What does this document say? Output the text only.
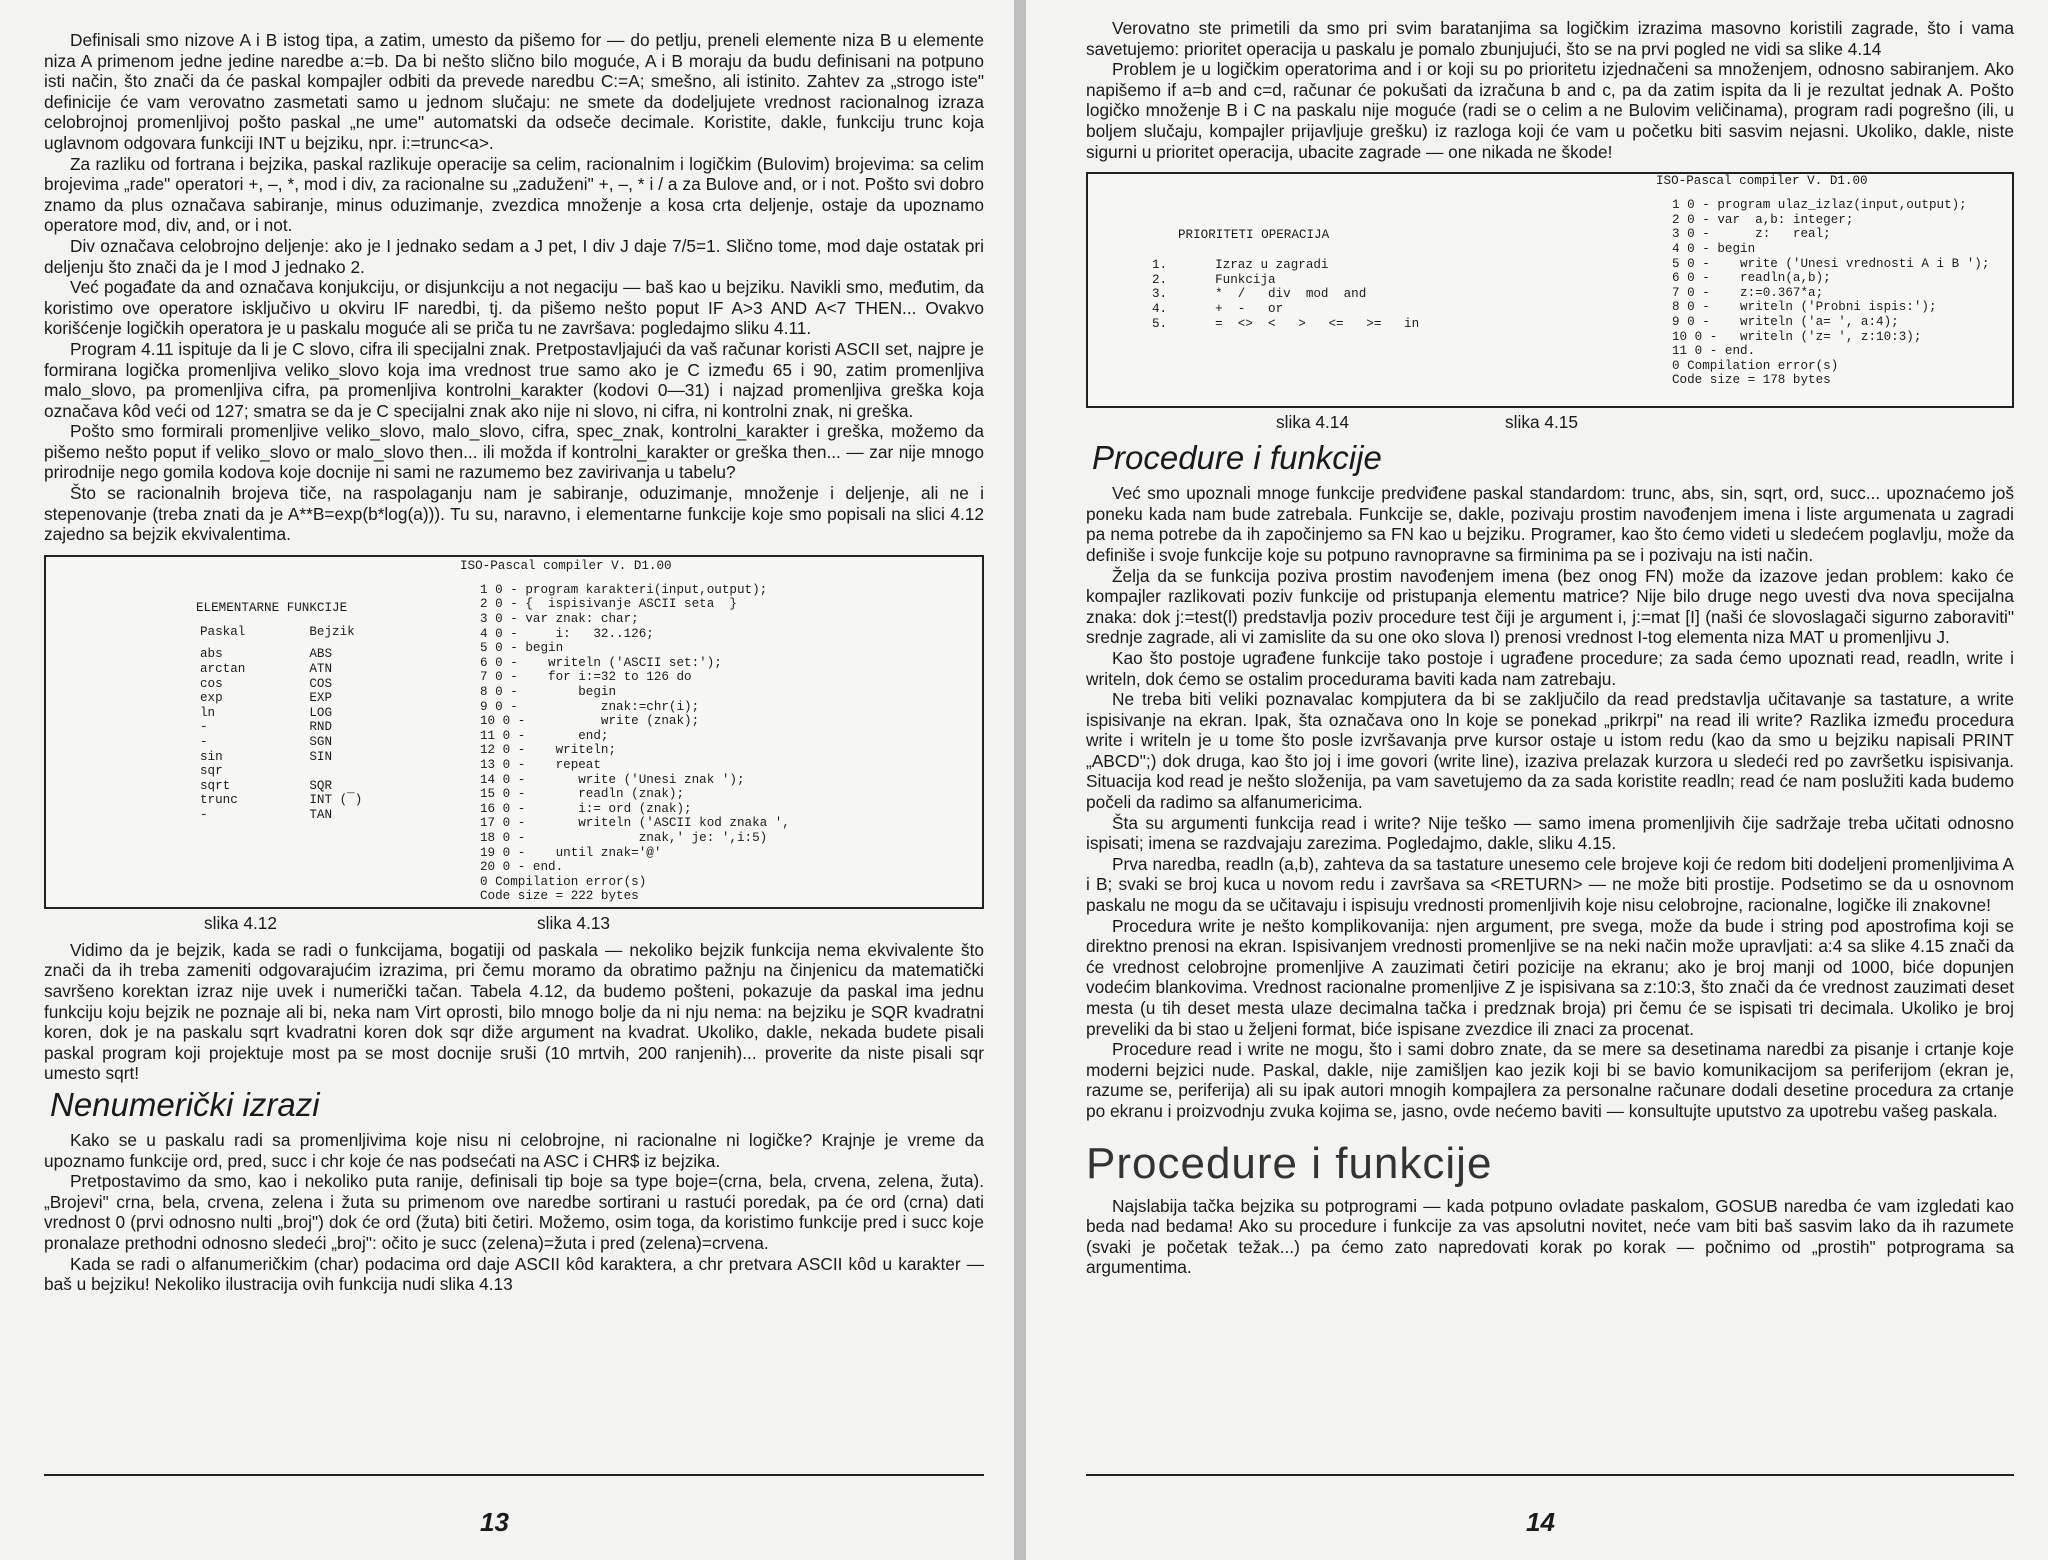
Definisali smo nizove A i B istog tipa, a zatim, umesto da pišemo for — do petlju, preneli elemente niza B u elemente niza A primenom jedne jedine naredbe a:=b. Da bi nešto slično bilo moguće, A i B moraju da budu definisani na potpuno isti način, što znači da će paskal kompajler odbiti da prevede naredbu C:=A; smešno, ali istinito. Zahtev za „strogo iste" definicije će vam verovatno zasmetati samo u jednom slučaju: ne smete da dodeljujete vrednost racionalnog izraza celobrojnoj promenljivoj pošto paskal „ne ume" automatski da odseče decimale. Koristite, dakle, funkciju trunc koja uglavnom odgovara funkciji INT u bejziku, npr. i:=trunc<a>.

Za razliku od fortrana i bejzika, paskal razlikuje operacije sa celim, racionalnim i logičkim (Bulovim) brojevima: sa celim brojevima „rade" operatori +, –, *, mod i div, za racionalne su „zaduženi" +, –, * i / a za Bulove and, or i not. Pošto svi dobro znamo da plus označava sabiranje, minus oduzimanje, zvezdica množenje a kosa crta deljenje, ostaje da upoznamo operatore mod, div, and, or i not.

Div označava celobrojno deljenje: ako je I jednako sedam a J pet, I div J daje 7/5=1. Slično tome, mod daje ostatak pri deljenju što znači da je I mod J jednako 2.

Već pogađate da and označava konjukciju, or disjunkciju a not negaciju — baš kao u bejziku. Navikli smo, međutim, da koristimo ove operatore isključivo u okviru IF naredbi, tj. da pišemo nešto poput IF A>3 AND A<7 THEN... Ovakvo korišćenje logičkih operatora je u paskalu moguće ali se priča tu ne završava: pogledajmo sliku 4.11.

Program 4.11 ispituje da li je C slovo, cifra ili specijalni znak. Pretpostavljajući da vaš računar koristi ASCII set, najpre je formirana logička promenljiva veliko_slovo koja ima vrednost true samo ako je C između 65 i 90, zatim promenljiva malo_slovo, pa promenljiva cifra, pa promenljiva kontrolni_karakter (kodovi 0—31) i najzad promenljiva greška koja označava kôd veći od 127; smatra se da je C specijalni znak ako nije ni slovo, ni cifra, ni kontrolni znak, ni greška.

Pošto smo formirali promenljive veliko_slovo, malo_slovo, cifra, spec_znak, kontrolni_karakter i greška, možemo da pišemo nešto poput if veliko_slovo or malo_slovo then... ili možda if kontrolni_karakter or greška then... — zar nije mnogo prirodnije nego gomila kodova koje docnije ni sami ne razumemo bez zavirivanja u tabelu?

Što se racionalnih brojeva tiče, na raspolaganju nam je sabiranje, oduzimanje, množenje i deljenje, ali ne i stepenovanje (treba znati da je A**B=exp(b*log(a))). Tu su, naravno, i elementarne funkcije koje smo popisali na slici 4.12 zajedno sa bejzik ekvivalentima.

ELEMENTARNE FUNKCIJE
Paskal	Bejzik

abs	ABS
arctan	ATN
cos	COS
exp	EXP
ln	LOG
-	RND
-	SGN
sin	SIN
sqr	
sqrt	SQR
trunc	INT (¯)
-	TAN
ISO-Pascal compiler V. D1.00
1 0 - program karakteri(input,output);
2 0 - {  ispisivanje ASCII seta  }
3 0 - var znak: char;
4 0 -     i:   32..126;
5 0 - begin
6 0 -    writeln ('ASCII set:');
7 0 -    for i:=32 to 126 do
8 0 -        begin
9 0 -           znak:=chr(i);
10 0 -          write (znak);
11 0 -       end;
12 0 -    writeln;
13 0 -    repeat
14 0 -       write ('Unesi znak ');
15 0 -       readln (znak);
16 0 -       i:= ord (znak);
17 0 -       writeln ('ASCII kod znaka ',
18 0 -               znak,' je: ',i:5)
19 0 -    until znak='@'
20 0 - end.
0 Compilation error(s)
Code size = 222 bytes
slika 4.12	slika 4.13

Vidimo da je bejzik, kada se radi o funkcijama, bogatiji od paskala — nekoliko bejzik funkcija nema ekvivalente što znači da ih treba zameniti odgovarajućim izrazima, pri čemu moramo da obratimo pažnju na činjenicu da matematički savršeno korektan izraz nije uvek i numerički tačan. Tabela 4.12, da budemo pošteni, pokazuje da paskal ima jednu funkciju koju bejzik ne poznaje ali bi, neka nam Virt oprosti, bilo mnogo bolje da ni nju nema: na bejziku je SQR kvadratni koren, dok je na paskalu sqrt kvadratni koren dok sqr diže argument na kvadrat. Ukoliko, dakle, nekada budete pisali paskal program koji projektuje most pa se most docnije sruši (10 mrtvih, 200 ranjenih)... proverite da niste pisali sqr umesto sqrt!

Nenumerički izrazi

Kako se u paskalu radi sa promenljivima koje nisu ni celobrojne, ni racionalne ni logičke? Krajnje je vreme da upoznamo funkcije ord, pred, succ i chr koje će nas podsećati na ASC i CHR$ iz bejzika.

Pretpostavimo da smo, kao i nekoliko puta ranije, definisali tip boje sa type boje=(crna, bela, crvena, zelena, žuta). „Brojevi" crna, bela, crvena, zelena i žuta su primenom ove naredbe sortirani u rastući poredak, pa će ord (crna) dati vrednost 0 (prvi odnosno nulti „broj") dok će ord (žuta) biti četiri. Možemo, osim toga, da koristimo funkcije pred i succ koje pronalaze prethodni odnosno sledeći „broj": očito je succ (zelena)=žuta i pred (zelena)=crvena.

Kada se radi o alfanumeričkim (char) podacima ord daje ASCII kôd karaktera, a chr pretvara ASCII kôd u karakter — baš u bejziku! Nekoliko ilustracija ovih funkcija nudi slika 4.13

13

Verovatno ste primetili da smo pri svim baratanjima sa logičkim izrazima masovno koristili zagrade, što i vama savetujemo: prioritet operacija u paskalu je pomalo zbunjujući, što se na prvi pogled ne vidi sa slike 4.14

Problem je u logičkim operatorima and i or koji su po prioritetu izjednačeni sa množenjem, odnosno sabiranjem. Ako napišemo if a=b and c=d, računar će pokušati da izračuna b and c, pa da zatim ispita da li je rezultat jednak A. Pošto logičko množenje B i C na paskalu nije moguće (radi se o celim a ne Bulovim veličinama), program radi pogrešno (ili, u boljem slučaju, kompajler prijavljuje grešku) iz razloga koji će vam u početku biti sasvim nejasni. Ukoliko, dakle, niste sigurni u prioritet operacija, ubacite zagrade — one nikada ne škode!

PRIORITETI OPERACIJA
1.	Izraz u zagradi
2.	Funkcija
3.	*  /   div  mod  and
4.	+  -   or
5.	=  <>  <   >   <=   >=   in
ISO-Pascal compiler V. D1.00
1 0 - program ulaz_izlaz(input,output);
2 0 - var  a,b: integer;
3 0 -      z:   real;
4 0 - begin
5 0 -    write ('Unesi vrednosti A i B ');
6 0 -    readln(a,b);
7 0 -    z:=0.367*a;
8 0 -    writeln ('Probni ispis:');
9 0 -    writeln ('a= ', a:4);
10 0 -   writeln ('z= ', z:10:3);
11 0 - end.
0 Compilation error(s)
Code size = 178 bytes
slika 4.14	slika 4.15
Procedure i funkcije

Već smo upoznali mnoge funkcije predviđene paskal standardom: trunc, abs, sin, sqrt, ord, succ... upoznaćemo još poneku kada nam bude zatrebala. Funkcije se, dakle, pozivaju prostim navođenjem imena i liste argumenata u zagradi pa nema potrebe da ih započinjemo sa FN kao u bejziku. Programer, kao što ćemo videti u sledećem poglavlju, može da definiše i svoje funkcije koje su potpuno ravnopravne sa firminima pa se i pozivaju na isti način.

Želja da se funkcija poziva prostim navođenjem imena (bez onog FN) može da izazove jedan problem: kako će kompajler razlikovati poziv funkcije od pristupanja elementu matrice? Nije bilo druge nego uvesti dva nova specijalna znaka: dok j:=test(l) predstavlja poziv procedure test čiji je argument i, j:=mat [I] (naši će slovoslagači sigurno zaboraviti" srednje zagrade, ali vi zamislite da su one oko slova I) prenosi vrednost I-tog elementa niza MAT u promenljivu J.

Kao što postoje ugrađene funkcije tako postoje i ugrađene procedure; za sada ćemo upoznati read, readln, write i writeln, dok ćemo se ostalim procedurama baviti kada nam zatrebaju.

Ne treba biti veliki poznavalac kompjutera da bi se zaključilo da read predstavlja učitavanje sa tastature, a write ispisivanje na ekran. Ipak, šta označava ono ln koje se ponekad „prikrpi" na read ili write? Razlika između procedura write i writeln je u tome što posle izvršavanja prve kursor ostaje u istom redu (kao da smo u bejziku napisali PRINT „ABCD";) dok druga, kao što joj i ime govori (write line), izaziva prelazak kurzora u sledeći red po završetku ispisivanja. Situacija kod read je nešto složenija, pa vam savetujemo da za sada koristite readln; read će nam poslužiti kada budemo počeli da radimo sa alfanumericima.

Šta su argumenti funkcija read i write? Nije teško — samo imena promenljivih čije sadržaje treba učitati odnosno ispisati; imena se razdvajaju zarezima. Pogledajmo, dakle, sliku 4.15.

Prva naredba, readln (a,b), zahteva da sa tastature unesemo cele brojeve koji će redom biti dodeljeni promenljivima A i B; svaki se broj kuca u novom redu i završava sa <RETURN> — ne može biti prostije. Podsetimo se da u osnovnom paskalu ne mogu da se učitavaju i ispisuju vrednosti promenljivih koje nisu celobrojne, racionalne, logičke ili znakovne!

Procedura write je nešto komplikovanija: njen argument, pre svega, može da bude i string pod apostrofima koji se direktno prenosi na ekran. Ispisivanjem vrednosti promenljive se na neki način može upravljati: a:4 sa slike 4.15 znači da će vrednost celobrojne promenljive A zauzimati četiri pozicije na ekranu; ako je broj manji od 1000, biće dopunjen vodećim blankovima. Vrednost racionalne promenljive Z je ispisivana sa z:10:3, što znači da će vrednost zauzimati deset mesta (u tih deset mesta ulaze decimalna tačka i predznak broja) pri čemu će se ispisati tri decimala. Ukoliko je broj preveliki da bi stao u željeni format, biće ispisane zvezdice ili znaci za procenat.

Procedure read i write ne mogu, što i sami dobro znate, da se mere sa desetinama naredbi za pisanje i crtanje koje moderni bejzici nude. Paskal, dakle, nije zamišljen kao jezik koji bi se bavio komunikacijom sa periferijom (ekran je, razume se, periferija) ali su ipak autori mnogih kompajlera za personalne računare dodali desetine procedura za crtanje po ekranu i proizvodnju zvuka kojima se, jasno, ovde nećemo baviti — konsultujte uputstvo za upotrebu vašeg paskala.

Procedure i funkcije

Najslabija tačka bejzika su potprogrami — kada potpuno ovladate paskalom, GOSUB naredba će vam izgledati kao beda nad bedama! Ako su procedure i funkcije za vas apsolutni novitet, neće vam biti baš sasvim lako da ih razumete (svaki je početak težak...) pa ćemo zato napredovati korak po korak — počnimo od „prostih" potprograma sa argumentima.

14
